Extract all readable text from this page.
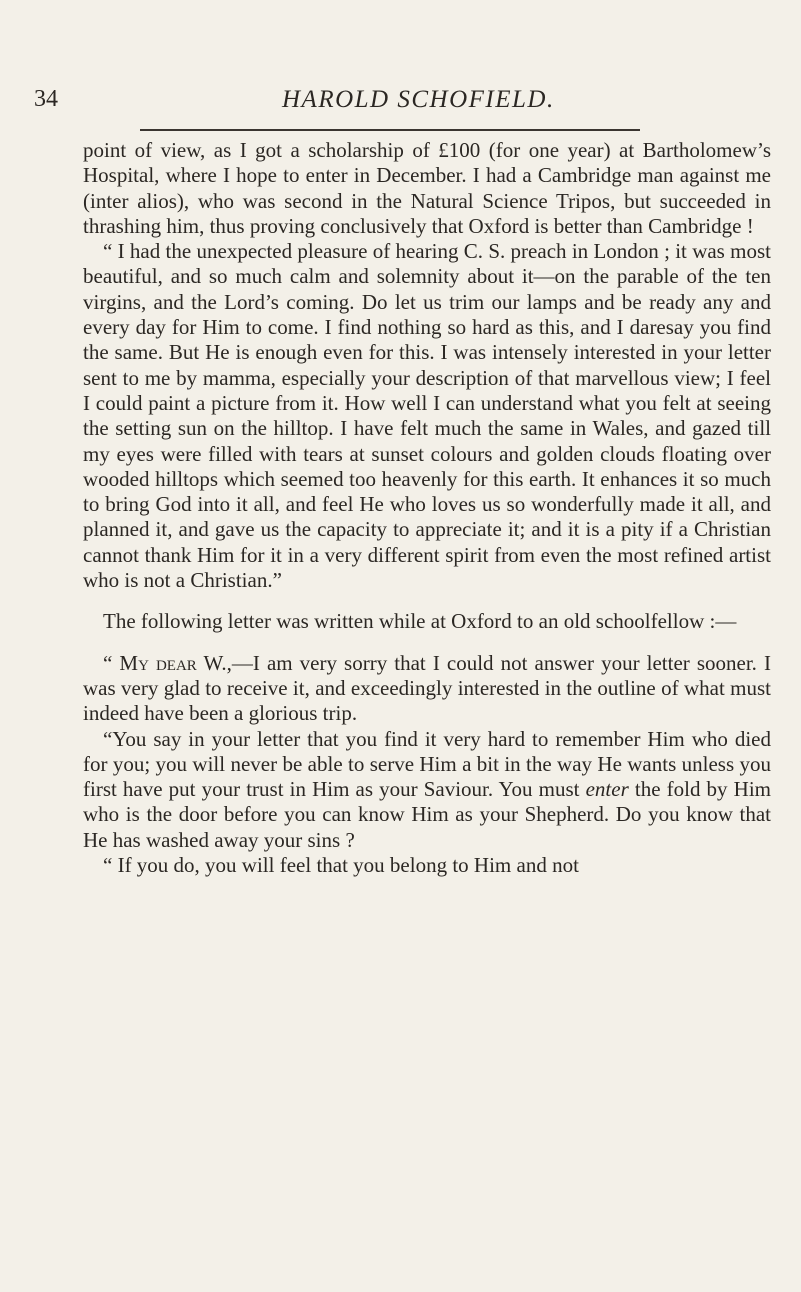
34	HAROLD SCHOFIELD.

point of view, as I got a scholarship of £100 (for one year) at Bartholomew’s Hospital, where I hope to enter in December. I had a Cambridge man against me (inter alios), who was second in the Natural Science Tripos, but succeeded in thrashing him, thus proving conclusively that Oxford is better than Cambridge !

“ I had the unexpected pleasure of hearing C. S. preach in London ; it was most beautiful, and so much calm and solemnity about it—on the parable of the ten virgins, and the Lord’s coming. Do let us trim our lamps and be ready any and every day for Him to come. I find nothing so hard as this, and I daresay you find the same. But He is enough even for this. I was intensely interested in your letter sent to me by mamma, especially your description of that marvellous view; I feel I could paint a picture from it. How well I can understand what you felt at seeing the setting sun on the hilltop. I have felt much the same in Wales, and gazed till my eyes were filled with tears at sunset colours and golden clouds floating over wooded hilltops which seemed too heavenly for this earth. It enhances it so much to bring God into it all, and feel He who loves us so wonderfully made it all, and planned it, and gave us the capacity to appreciate it; and it is a pity if a Christian cannot thank Him for it in a very different spirit from even the most refined artist who is not a Christian.”

The following letter was written while at Oxford to an old schoolfellow :—

“ My dear W.,—I am very sorry that I could not answer your letter sooner. I was very glad to receive it, and exceedingly interested in the outline of what must indeed have been a glorious trip.

“You say in your letter that you find it very hard to remember Him who died for you; you will never be able to serve Him a bit in the way He wants unless you first have put your trust in Him as your Saviour. You must enter the fold by Him who is the door before you can know Him as your Shepherd. Do you know that He has washed away your sins ?

“ If you do, you will feel that you belong to Him and not
